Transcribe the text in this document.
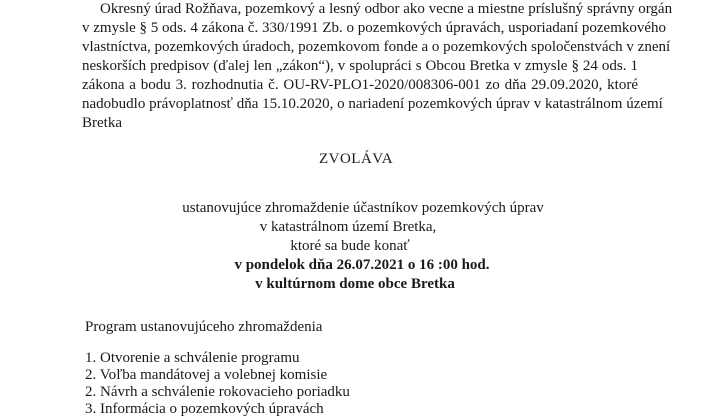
Okresný úrad Rožňava, pozemkový a lesný odbor ako vecne a miestne príslušný správny orgán
v zmysle § 5 ods. 4 zákona č. 330/1991 Zb. o pozemkových úpravách, usporiadaní pozemkového
vlastníctva, pozemkových úradoch, pozemkovom fonde a o pozemkových spoločenstvách v znení
neskorších predpisov (ďalej len „zákon“), v spolupráci s Obcou Bretka v zmysle § 24 ods. 1
zákona a bodu 3. rozhodnutia č. OU-RV-PLO1-2020/008306-001 zo dňa 29.09.2020, ktoré
nadobudlo právoplatnosť dňa 15.10.2020, o nariadení pozemkových úprav v katastrálnom území
Bretka
ZVOLÁVA
ustanovujúce zhromaždenie účastníkov pozemkových úprav
v katastrálnom území Bretka,
ktoré sa bude konať
v pondelok dňa 26.07.2021 o 16 :00 hod.
v kultúrnom dome obce Bretka
Program ustanovujúceho zhromaždenia
1. Otvorenie a schválenie programu
2. Voľba mandátovej a volebnej komisie
2. Návrh a schválenie rokovacieho poriadku
3. Informácia o pozemkových úpravách
